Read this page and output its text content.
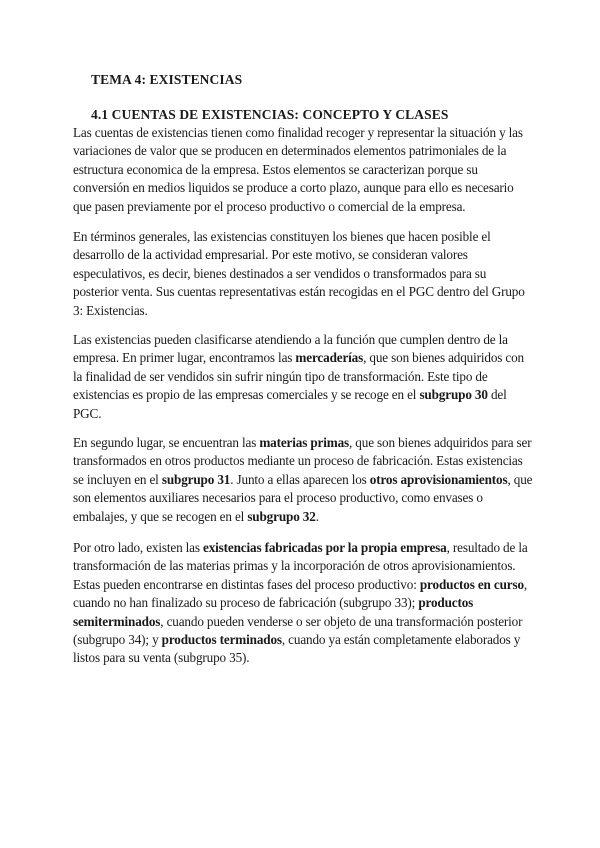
TEMA 4: EXISTENCIAS
4.1 CUENTAS DE EXISTENCIAS: CONCEPTO Y CLASES

Las cuentas de existencias tienen como finalidad recoger y representar la situación y las variaciones de valor que se producen en determinados elementos patrimoniales de la estructura economica de la empresa. Estos elementos se caracterizan porque su conversión en medios liquidos se produce a corto plazo, aunque para ello es necesario que pasen previamente por el proceso productivo o comercial de la empresa.

En términos generales, las existencias constituyen los bienes que hacen posible el desarrollo de la actividad empresarial. Por este motivo, se consideran valores especulativos, es decir, bienes destinados a ser vendidos o transformados para su posterior venta. Sus cuentas representativas están recogidas en el PGC dentro del Grupo 3: Existencias.

Las existencias pueden clasificarse atendiendo a la función que cumplen dentro de la empresa. En primer lugar, encontramos las mercaderías, que son bienes adquiridos con la finalidad de ser vendidos sin sufrir ningún tipo de transformación. Este tipo de existencias es propio de las empresas comerciales y se recoge en el subgrupo 30 del PGC.

En segundo lugar, se encuentran las materias primas, que son bienes adquiridos para ser transformados en otros productos mediante un proceso de fabricación. Estas existencias se incluyen en el subgrupo 31. Junto a ellas aparecen los otros aprovisionamientos, que son elementos auxiliares necesarios para el proceso productivo, como envases o embalajes, y que se recogen en el subgrupo 32.

Por otro lado, existen las existencias fabricadas por la propia empresa, resultado de la transformación de las materias primas y la incorporación de otros aprovisionamientos. Estas pueden encontrarse en distintas fases del proceso productivo: productos en curso, cuando no han finalizado su proceso de fabricación (subgrupo 33); productos semiterminados, cuando pueden venderse o ser objeto de una transformación posterior (subgrupo 34); y productos terminados, cuando ya están completamente elaborados y listos para su venta (subgrupo 35).
